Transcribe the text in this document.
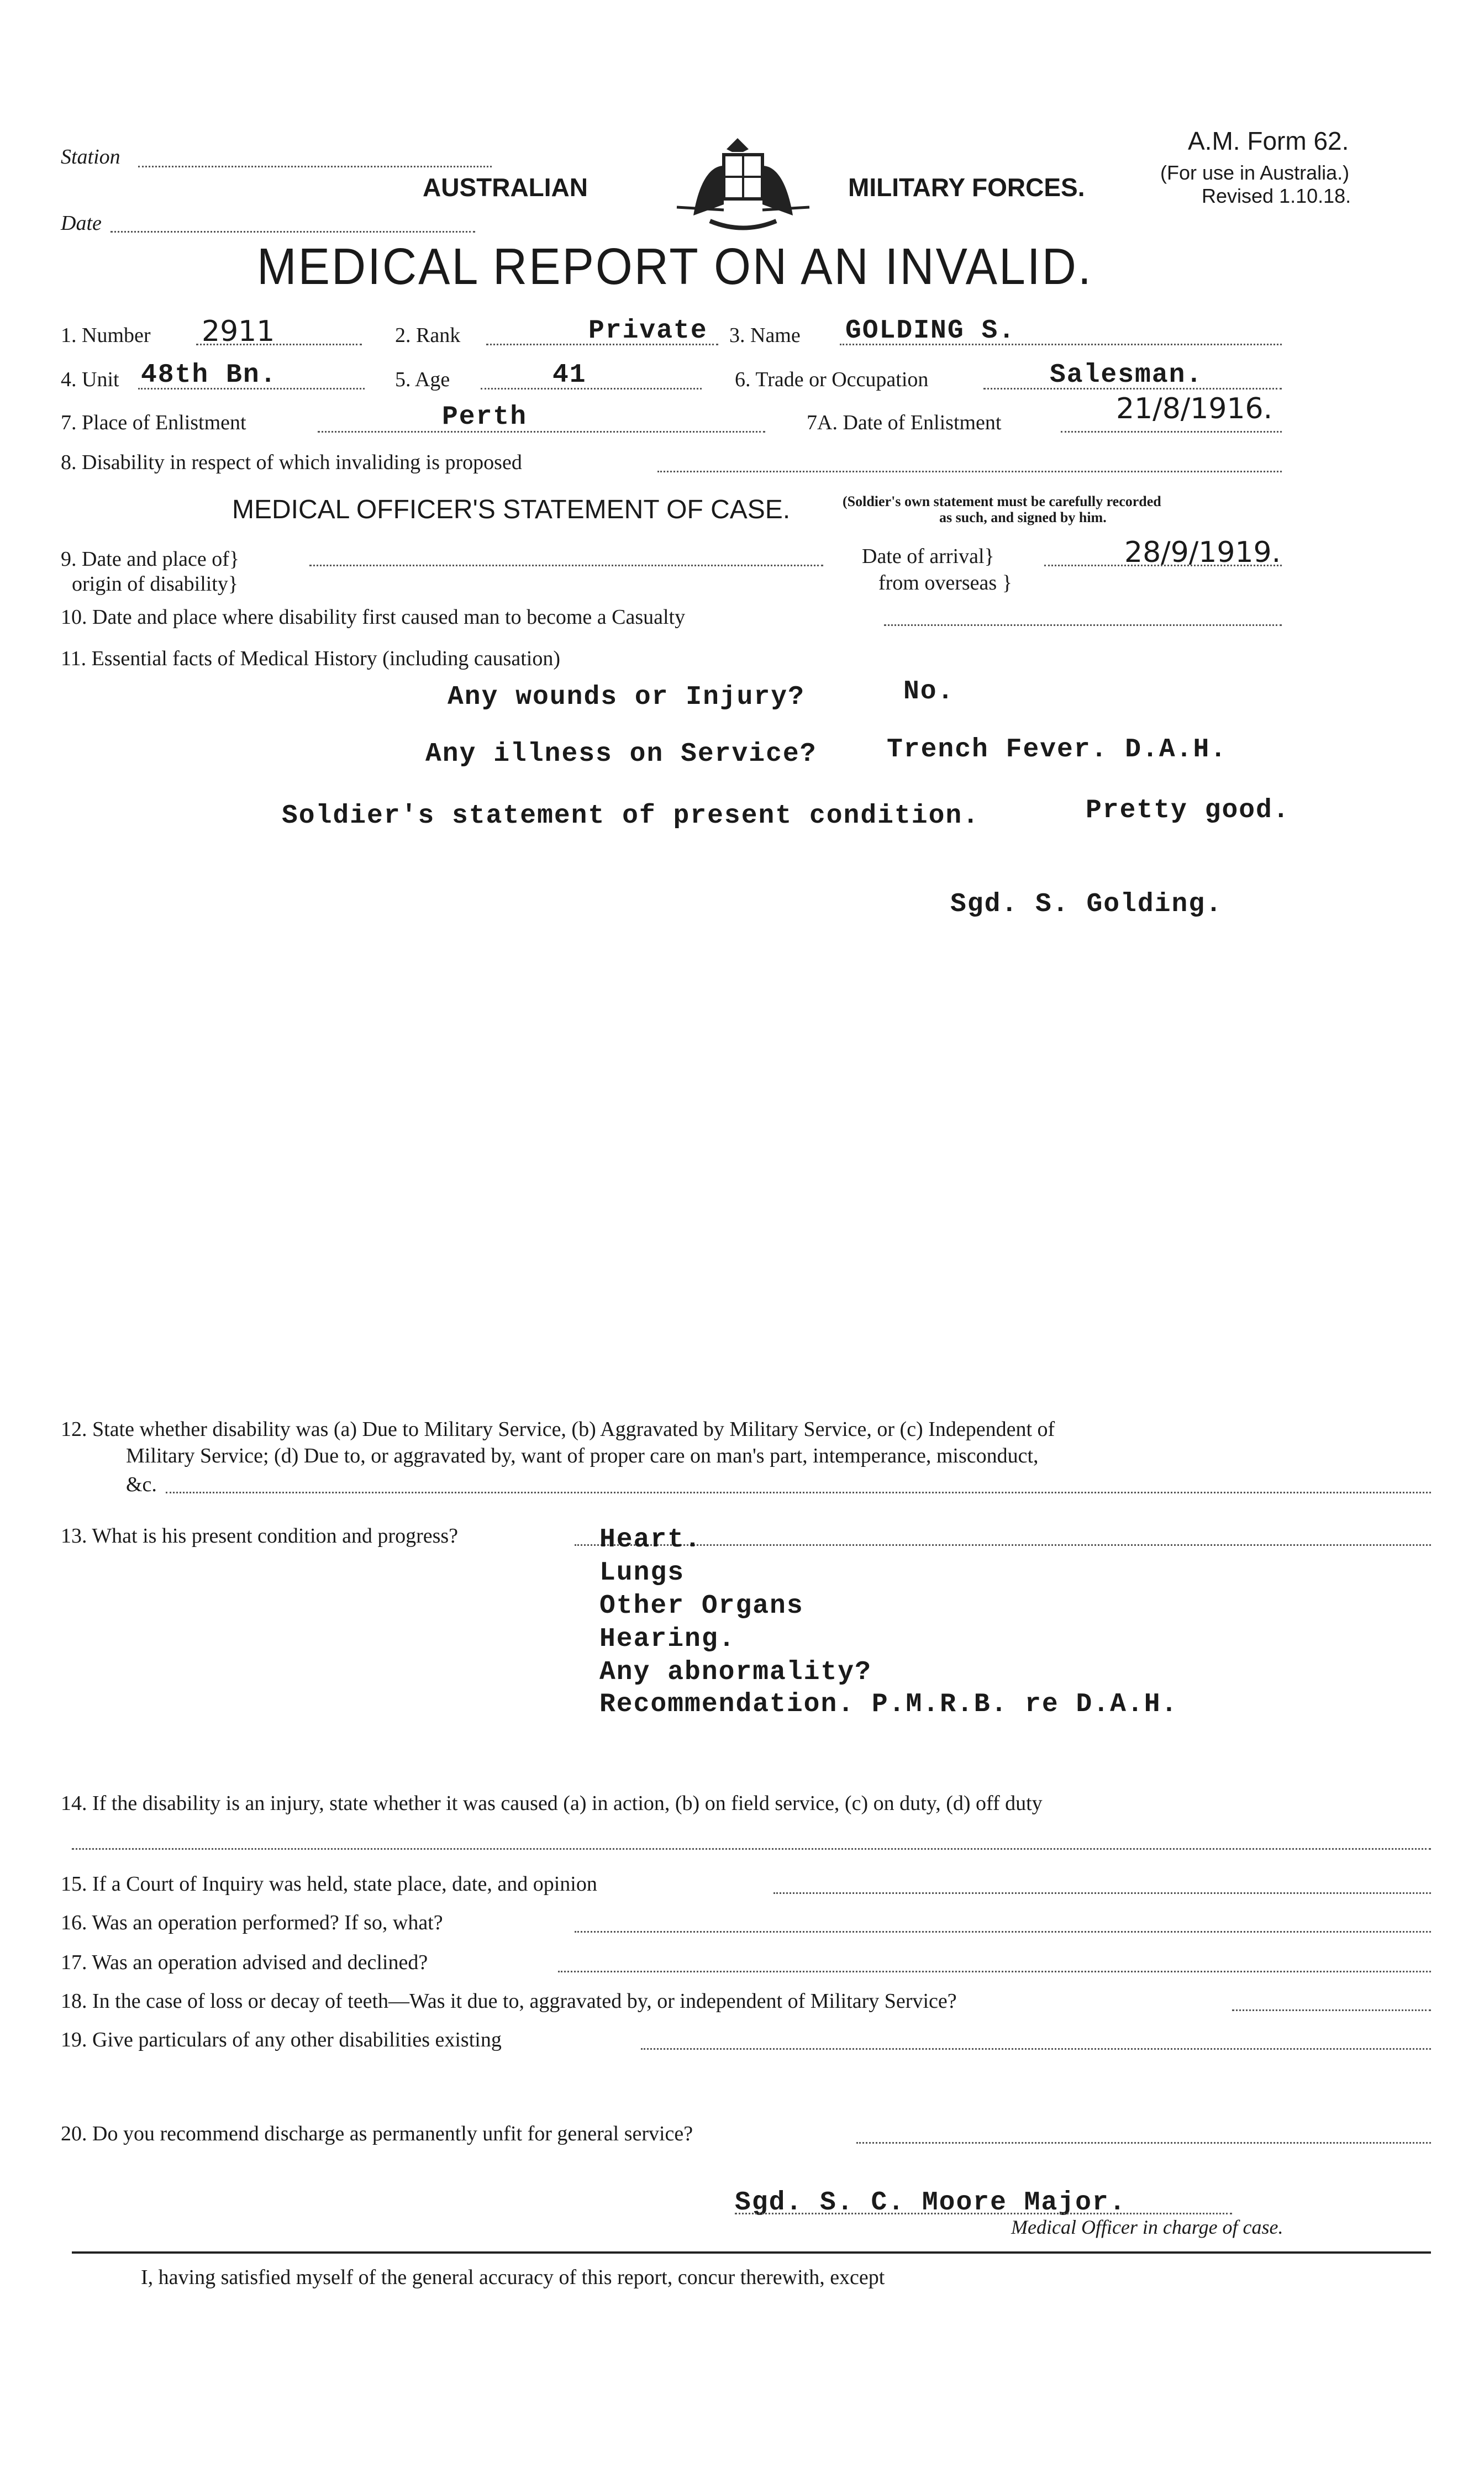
Station
Date
AUSTRALIAN	MILITARY FORCES.
A.M. Form 62.
(For use in Australia.)
Revised 1.10.18.
MEDICAL REPORT ON AN INVALID.
1. Number 2911	2. Rank	Private 3. Name GOLDING S.
4. Unit 48th Bn.	5. Age	41	6. Trade or Occupation	Salesman.
7. Place of Enlistment	Perth	7A. Date of Enlistment	21/8/1916.
8. Disability in respect of which invaliding is proposed
MEDICAL OFFICER'S STATEMENT OF CASE.	(Soldier's own statement must be carefully recorded
as such, and signed by him.
9. Date and place of}
origin of disability}
Date of arrival}
from overseas }
28/9/1919.
10. Date and place where disability first caused man to become a Casualty
11. Essential facts of Medical History (including causation)
Any wounds or Injury?	No.
Any illness on Service?	Trench Fever. D.A.H.
Soldier's statement of present condition.	Pretty good.
Sgd. S. Golding.
12. State whether disability was (a) Due to Military Service, (b) Aggravated by Military Service, or (c) Independent of
Military Service; (d) Due to, or aggravated by, want of proper care on man's part, intemperance, misconduct,
&c.
13. What is his present condition and progress?	Heart.
Lungs
Other Organs
Hearing.
Any abnormality?
Recommendation. P.M.R.B. re D.A.H.
14. If the disability is an injury, state whether it was caused (a) in action, (b) on field service, (c) on duty, (d) off duty
15. If a Court of Inquiry was held, state place, date, and opinion
16. Was an operation performed? If so, what?
17. Was an operation advised and declined?
18. In the case of loss or decay of teeth—Was it due to, aggravated by, or independent of Military Service?
19. Give particulars of any other disabilities existing
20. Do you recommend discharge as permanently unfit for general service?
Sgd. S. C. Moore Major.
Medical Officer in charge of case.
I, having satisfied myself of the general accuracy of this report, concur therewith, except
